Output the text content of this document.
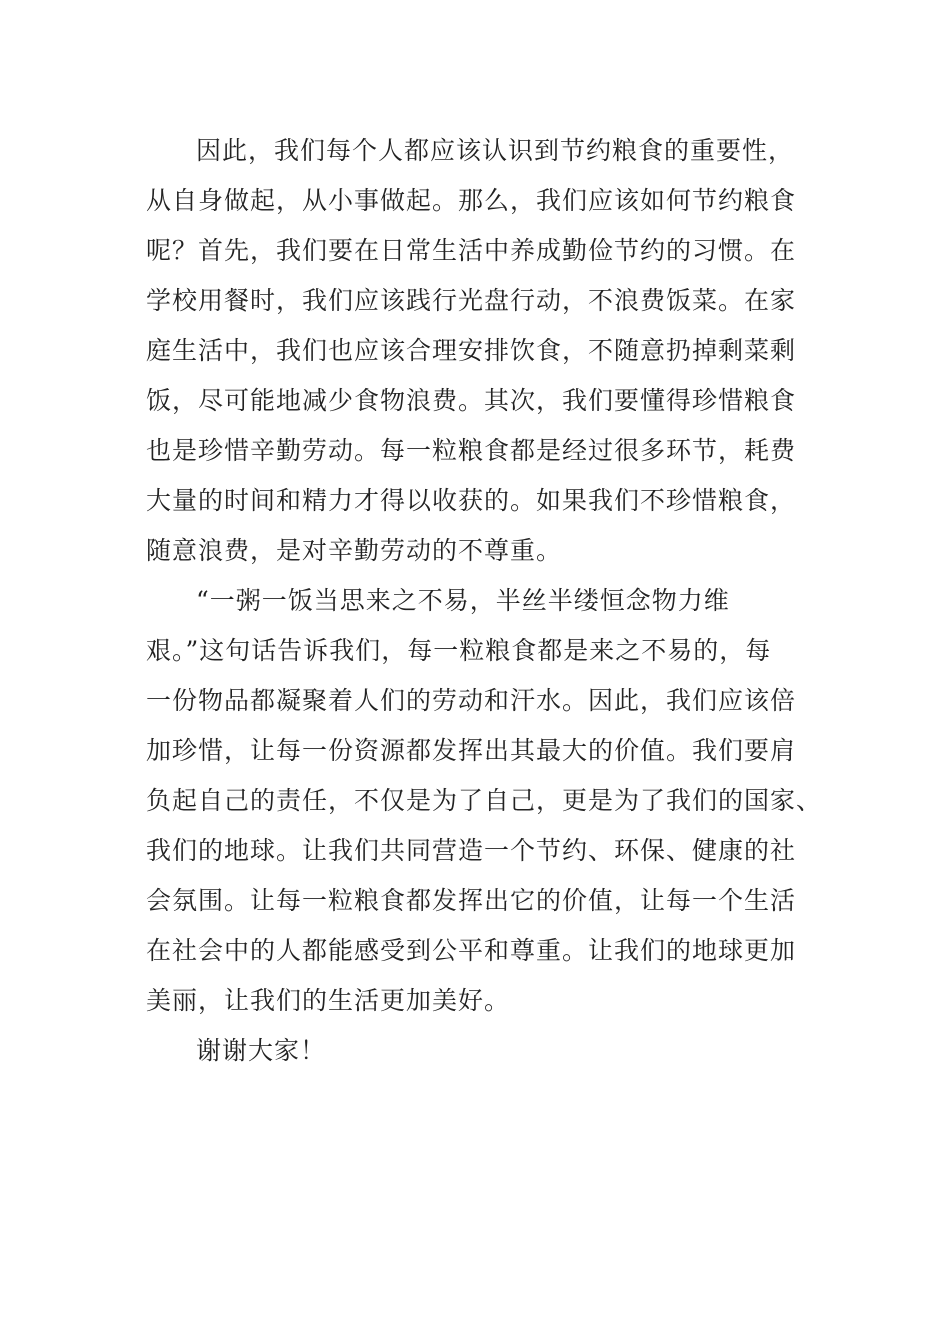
因此，我们每个人都应该认识到节约粮食的重要性，
从自身做起，从小事做起。那么，我们应该如何节约粮食
呢？首先，我们要在日常生活中养成勤俭节约的习惯。在
学校用餐时，我们应该践行光盘行动，不浪费饭菜。在家
庭生活中，我们也应该合理安排饮食，不随意扔掉剩菜剩
饭，尽可能地减少食物浪费。其次，我们要懂得珍惜粮食
也是珍惜辛勤劳动。每一粒粮食都是经过很多环节，耗费
大量的时间和精力才得以收获的。如果我们不珍惜粮食，
随意浪费，是对辛勤劳动的不尊重。
“一粥一饭当思来之不易，半丝半缕恒念物力维
艰。”这句话告诉我们，每一粒粮食都是来之不易的，每
一份物品都凝聚着人们的劳动和汗水。因此，我们应该倍
加珍惜，让每一份资源都发挥出其最大的价值。我们要肩
负起自己的责任，不仅是为了自己，更是为了我们的国家、
我们的地球。让我们共同营造一个节约、环保、健康的社
会氛围。让每一粒粮食都发挥出它的价值，让每一个生活
在社会中的人都能感受到公平和尊重。让我们的地球更加
美丽，让我们的生活更加美好。
谢谢大家！
